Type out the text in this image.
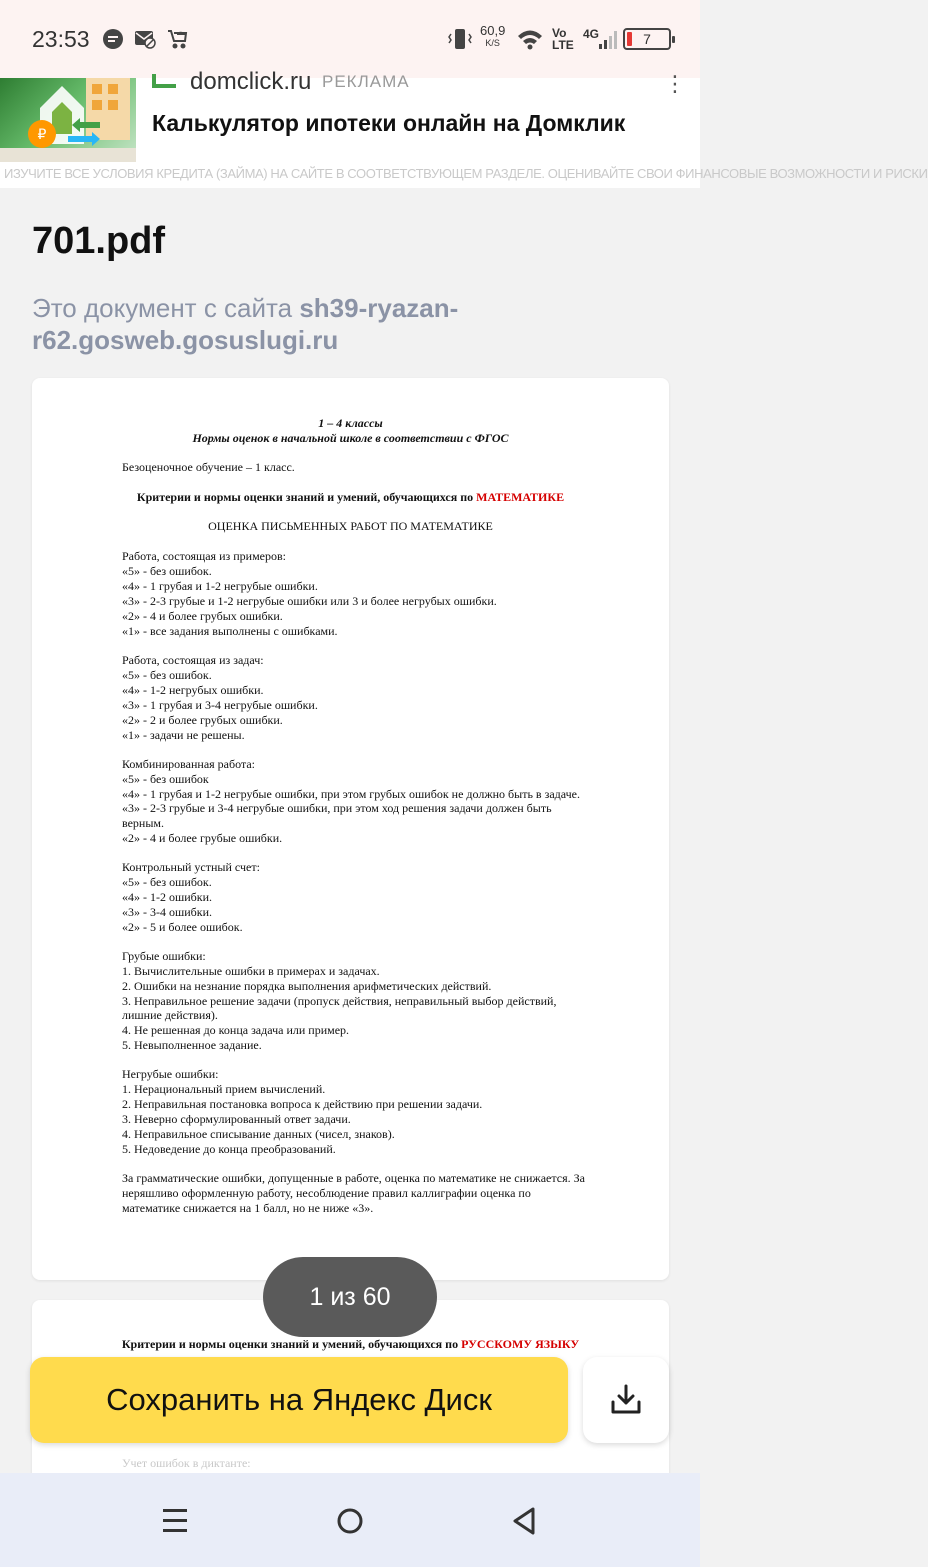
23:53	60,9
K/S
Vo
LTE
4G	7
₽
domclick.ru РЕКЛАМА	⋮
Калькулятор ипотеки онлайн на Домклик
ИЗУЧИТЕ ВСЕ УСЛОВИЯ КРЕДИТА (ЗАЙМА) НА САЙТЕ В СООТВЕТСТВУЮЩЕМ РАЗДЕЛЕ. ОЦЕНИВАЙТЕ СВОИ ФИНАНСОВЫЕ ВОЗМОЖНОСТИ И РИСКИ
701.pdf
Это документ с сайта sh39-ryazan-r62.gosweb.gosuslugi.ru
1 – 4 классы
Нормы оценок в начальной школе в соответствии с ФГОС
Безоценочное обучение – 1 класс.
Критерии и нормы оценки знаний и умений, обучающихся по МАТЕМАТИКЕ
ОЦЕНКА ПИСЬМЕННЫХ РАБОТ ПО МАТЕМАТИКЕ
Работа, состоящая из примеров:
«5» - без ошибок.
«4» - 1 грубая и 1-2 негрубые ошибки.
«3» - 2-3 грубые и 1-2 негрубые ошибки или 3 и более негрубых ошибки.
«2» - 4 и более грубых ошибки.
«1» - все задания выполнены с ошибками.
Работа, состоящая из задач:
«5» - без ошибок.
«4» - 1-2 негрубых ошибки.
«3» - 1 грубая и 3-4 негрубые ошибки.
«2» - 2 и более грубых ошибки.
«1» - задачи не решены.
Комбинированная работа:
«5» - без ошибок
«4» - 1 грубая и 1-2 негрубые ошибки, при этом грубых ошибок не должно быть в задаче.
«3» - 2-3 грубые и 3-4 негрубые ошибки, при этом ход решения задачи должен быть
верным.
«2» - 4 и более грубые ошибки.
Контрольный устный счет:
«5» - без ошибок.
«4» - 1-2 ошибки.
«3» - 3-4 ошибки.
«2» - 5 и более ошибок.
Грубые ошибки:
1. Вычислительные ошибки в примерах и задачах.
2. Ошибки на незнание порядка выполнения арифметических действий.
3. Неправильное решение задачи (пропуск действия, неправильный выбор действий,
лишние действия).
4. Не решенная до конца задача или пример.
5. Невыполненное задание.
Негрубые ошибки:
1. Нерациональный прием вычислений.
2. Неправильная постановка вопроса к действию при решении задачи.
3. Неверно сформулированный ответ задачи.
4. Неправильное списывание данных (чисел, знаков).
5. Недоведение до конца преобразований.
За грамматические ошибки, допущенные в работе, оценка по математике не снижается. За
неряшливо оформленную работу, несоблюдение правил каллиграфии оценка по
математике снижается на 1 балл, но не ниже «3».
Критерии и нормы оценки знаний и умений, обучающихся по РУССКОМУ ЯЗЫКУ
1 из 60
Сохранить на Яндекс Диск
Учет ошибок в диктанте:
